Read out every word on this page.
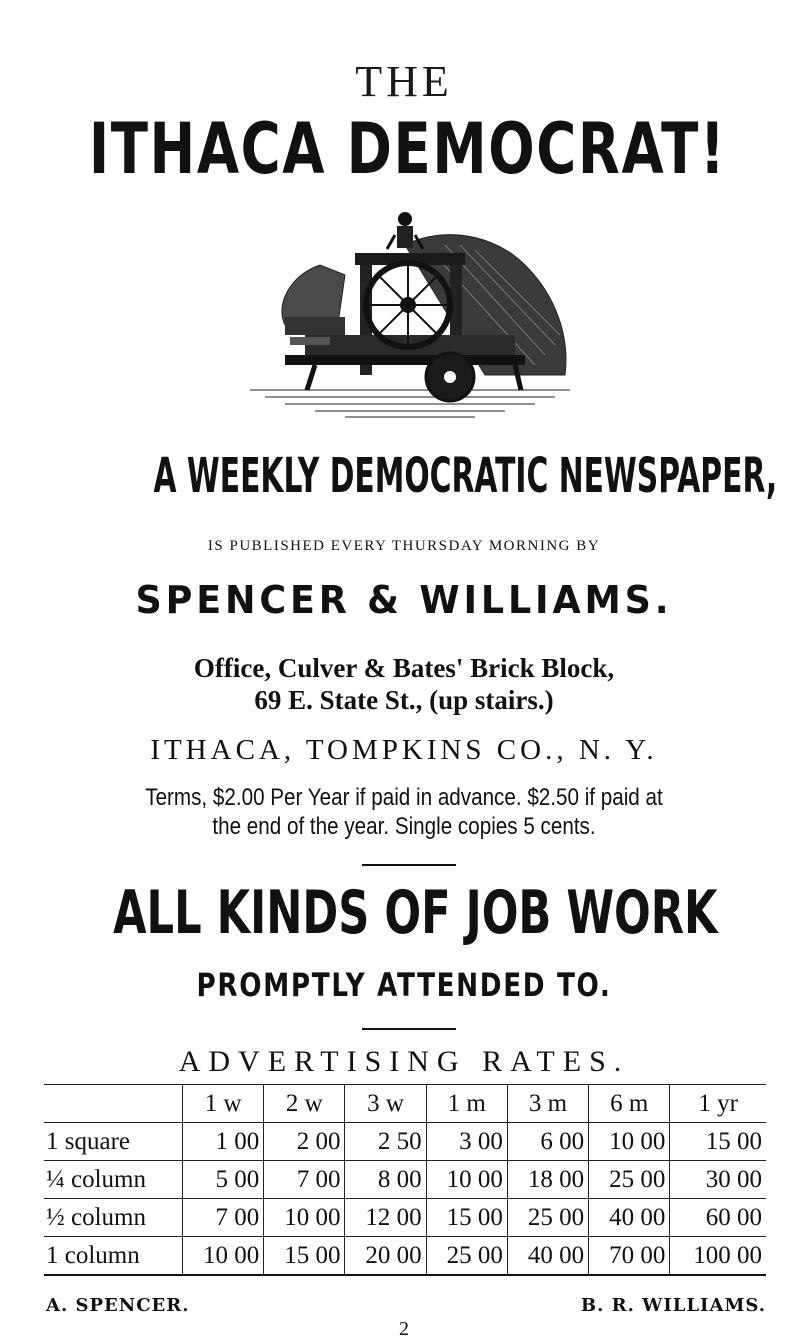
THE
ITHACA DEMOCRAT!
A WEEKLY DEMOCRATIC NEWSPAPER,
IS PUBLISHED EVERY THURSDAY MORNING BY
SPENCER & WILLIAMS.
Office, Culver & Bates' Brick Block,
69 E. State St., (up stairs.)
ITHACA, TOMPKINS CO., N. Y.
Terms, $2.00 Per Year if paid in advance. $2.50 if paid at
the end of the year. Single copies 5 cents.
ALL KINDS OF JOB WORK
PROMPTLY ATTENDED TO.
ADVERTISING RATES.
	1 w	2 w	3 w	1 m	3 m	6 m	1 yr
1 square	1 00	2 00	2 50	3 00	6 00	10 00	15 00
¼ column	5 00	7 00	8 00	10 00	18 00	25 00	30 00
½ column	7 00	10 00	12 00	15 00	25 00	40 00	60 00
1 column	10 00	15 00	20 00	25 00	40 00	70 00	100 00
A. SPENCER.	B. R. WILLIAMS.
2
